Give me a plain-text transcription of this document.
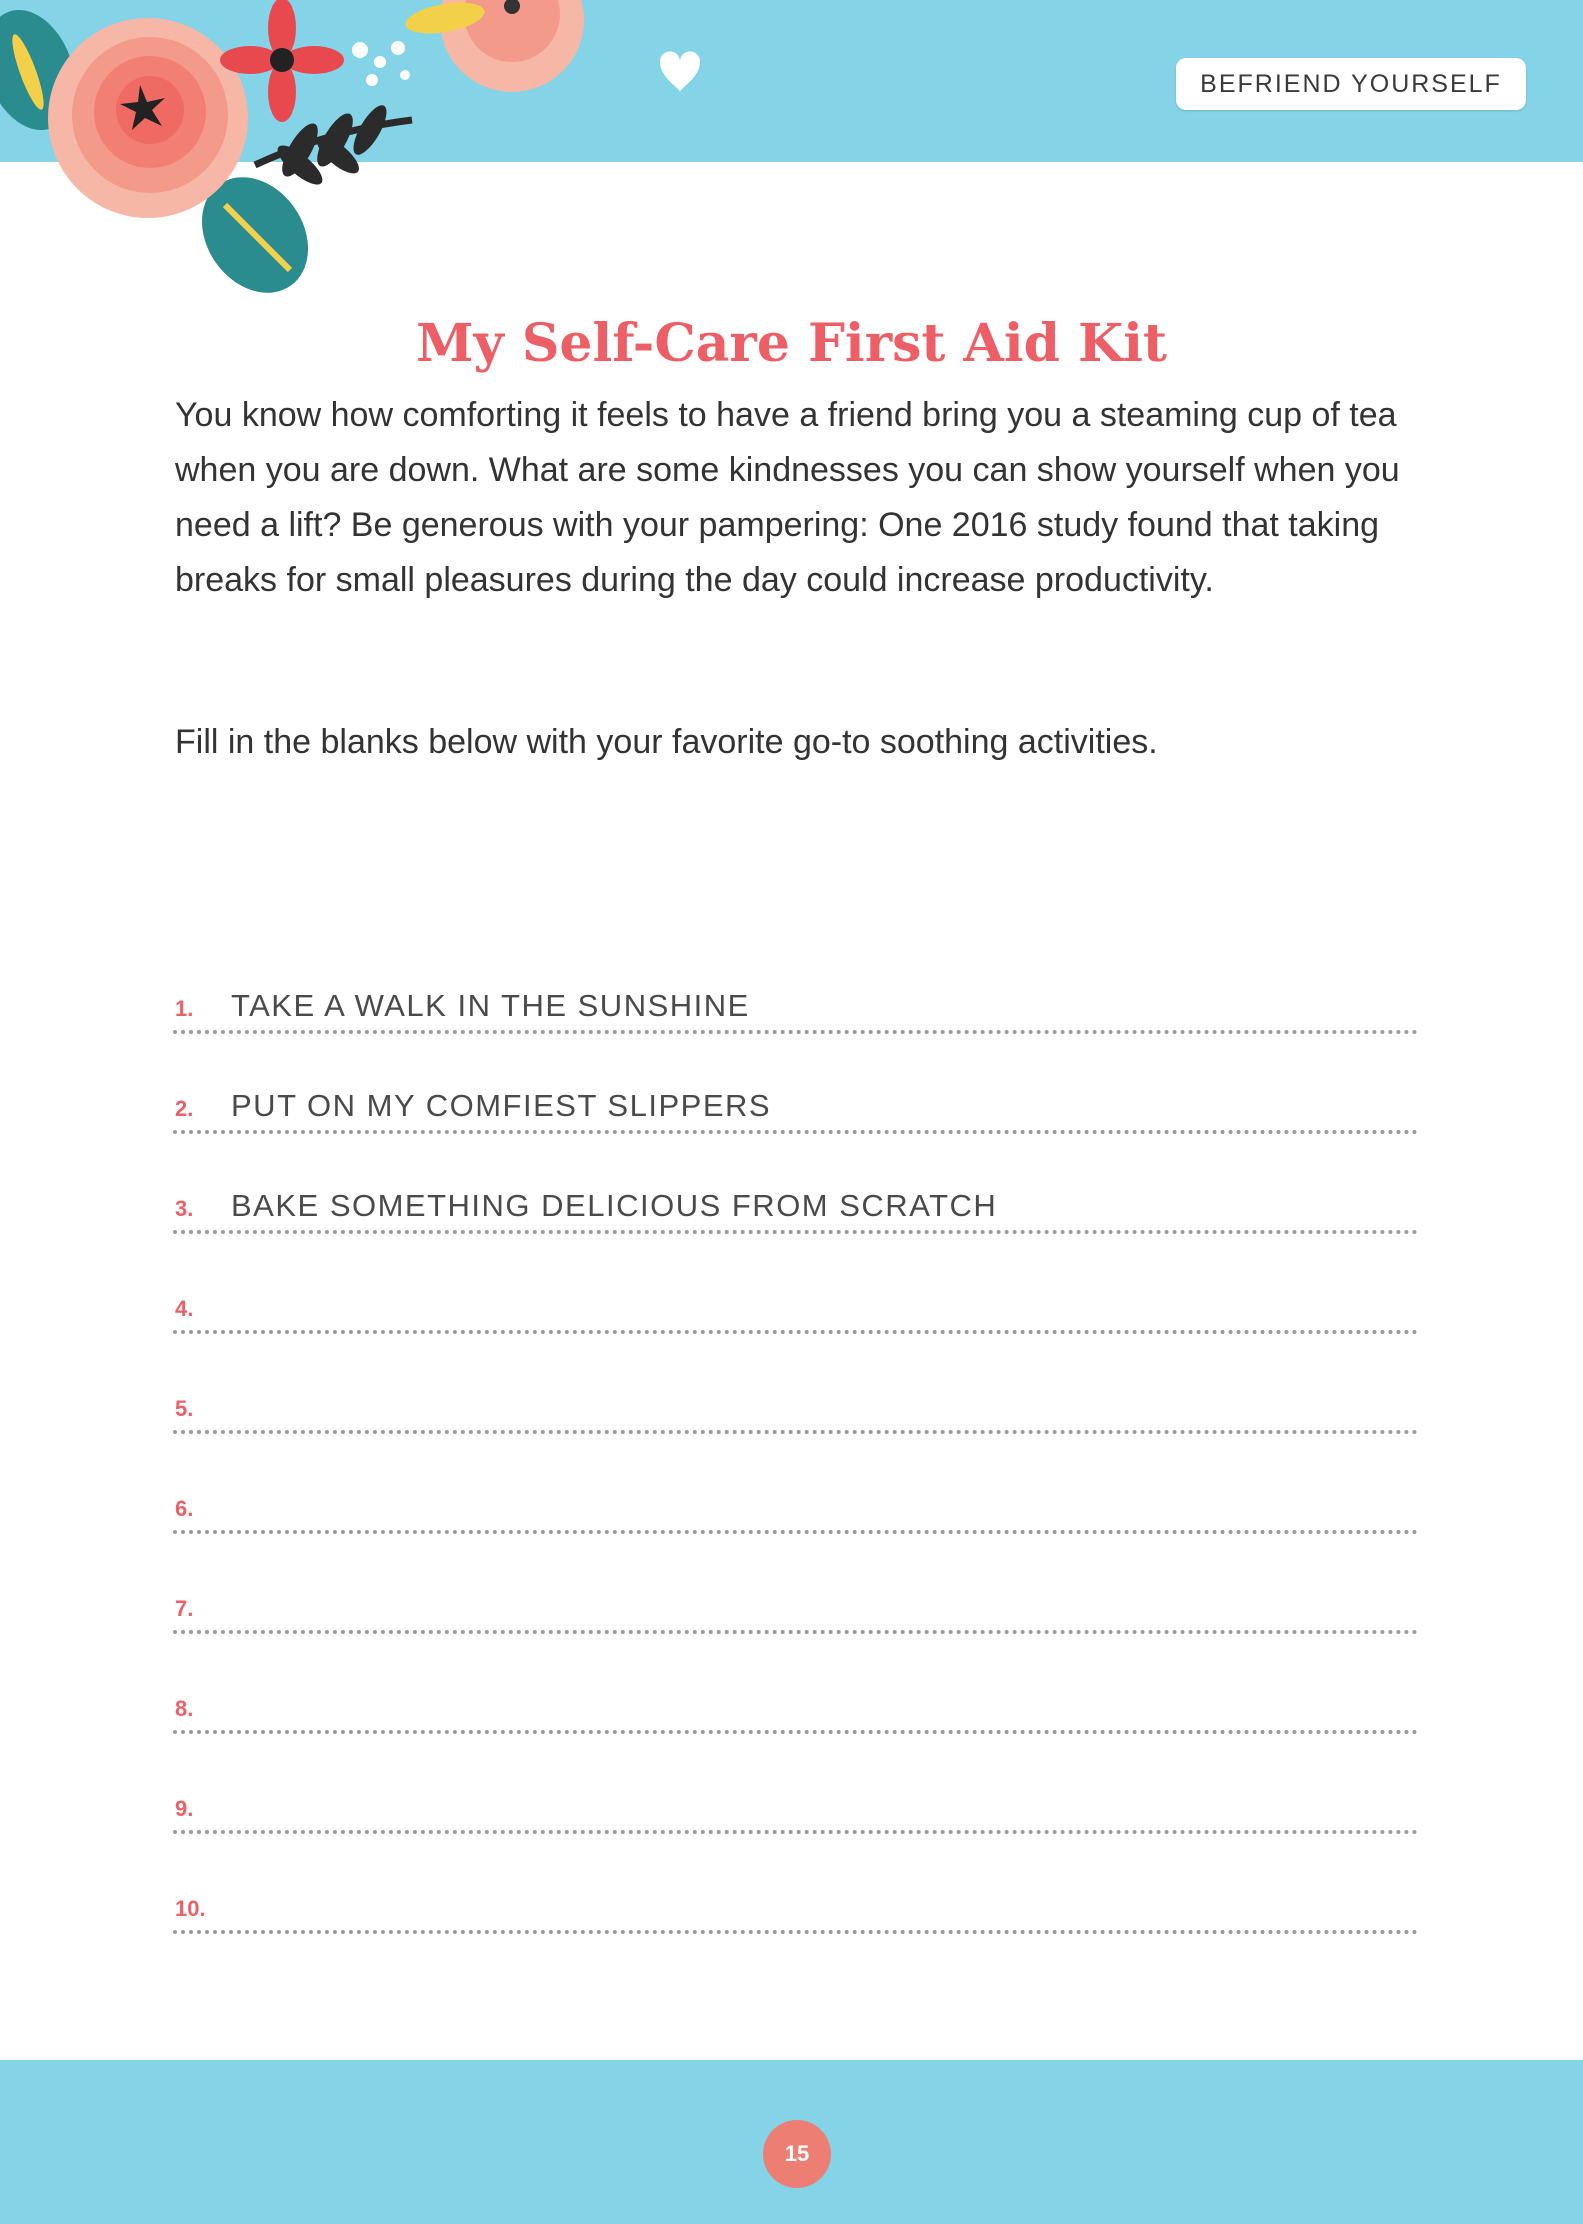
BEFRIEND YOURSELF
My Self-Care First Aid Kit

You know how comforting it feels to have a friend bring you a steaming cup of tea when you are down. What are some kindnesses you can show yourself when you need a lift? Be generous with your pampering: One 2016 study found that taking breaks for small pleasures during the day could increase productivity.

Fill in the blanks below with your favorite go-to soothing activities.

1. TAKE A WALK IN THE SUNSHINE
2. PUT ON MY COMFIEST SLIPPERS
3. BAKE SOMETHING DELICIOUS FROM SCRATCH
4.
5.
6.
7.
8.
9.
10.
15
